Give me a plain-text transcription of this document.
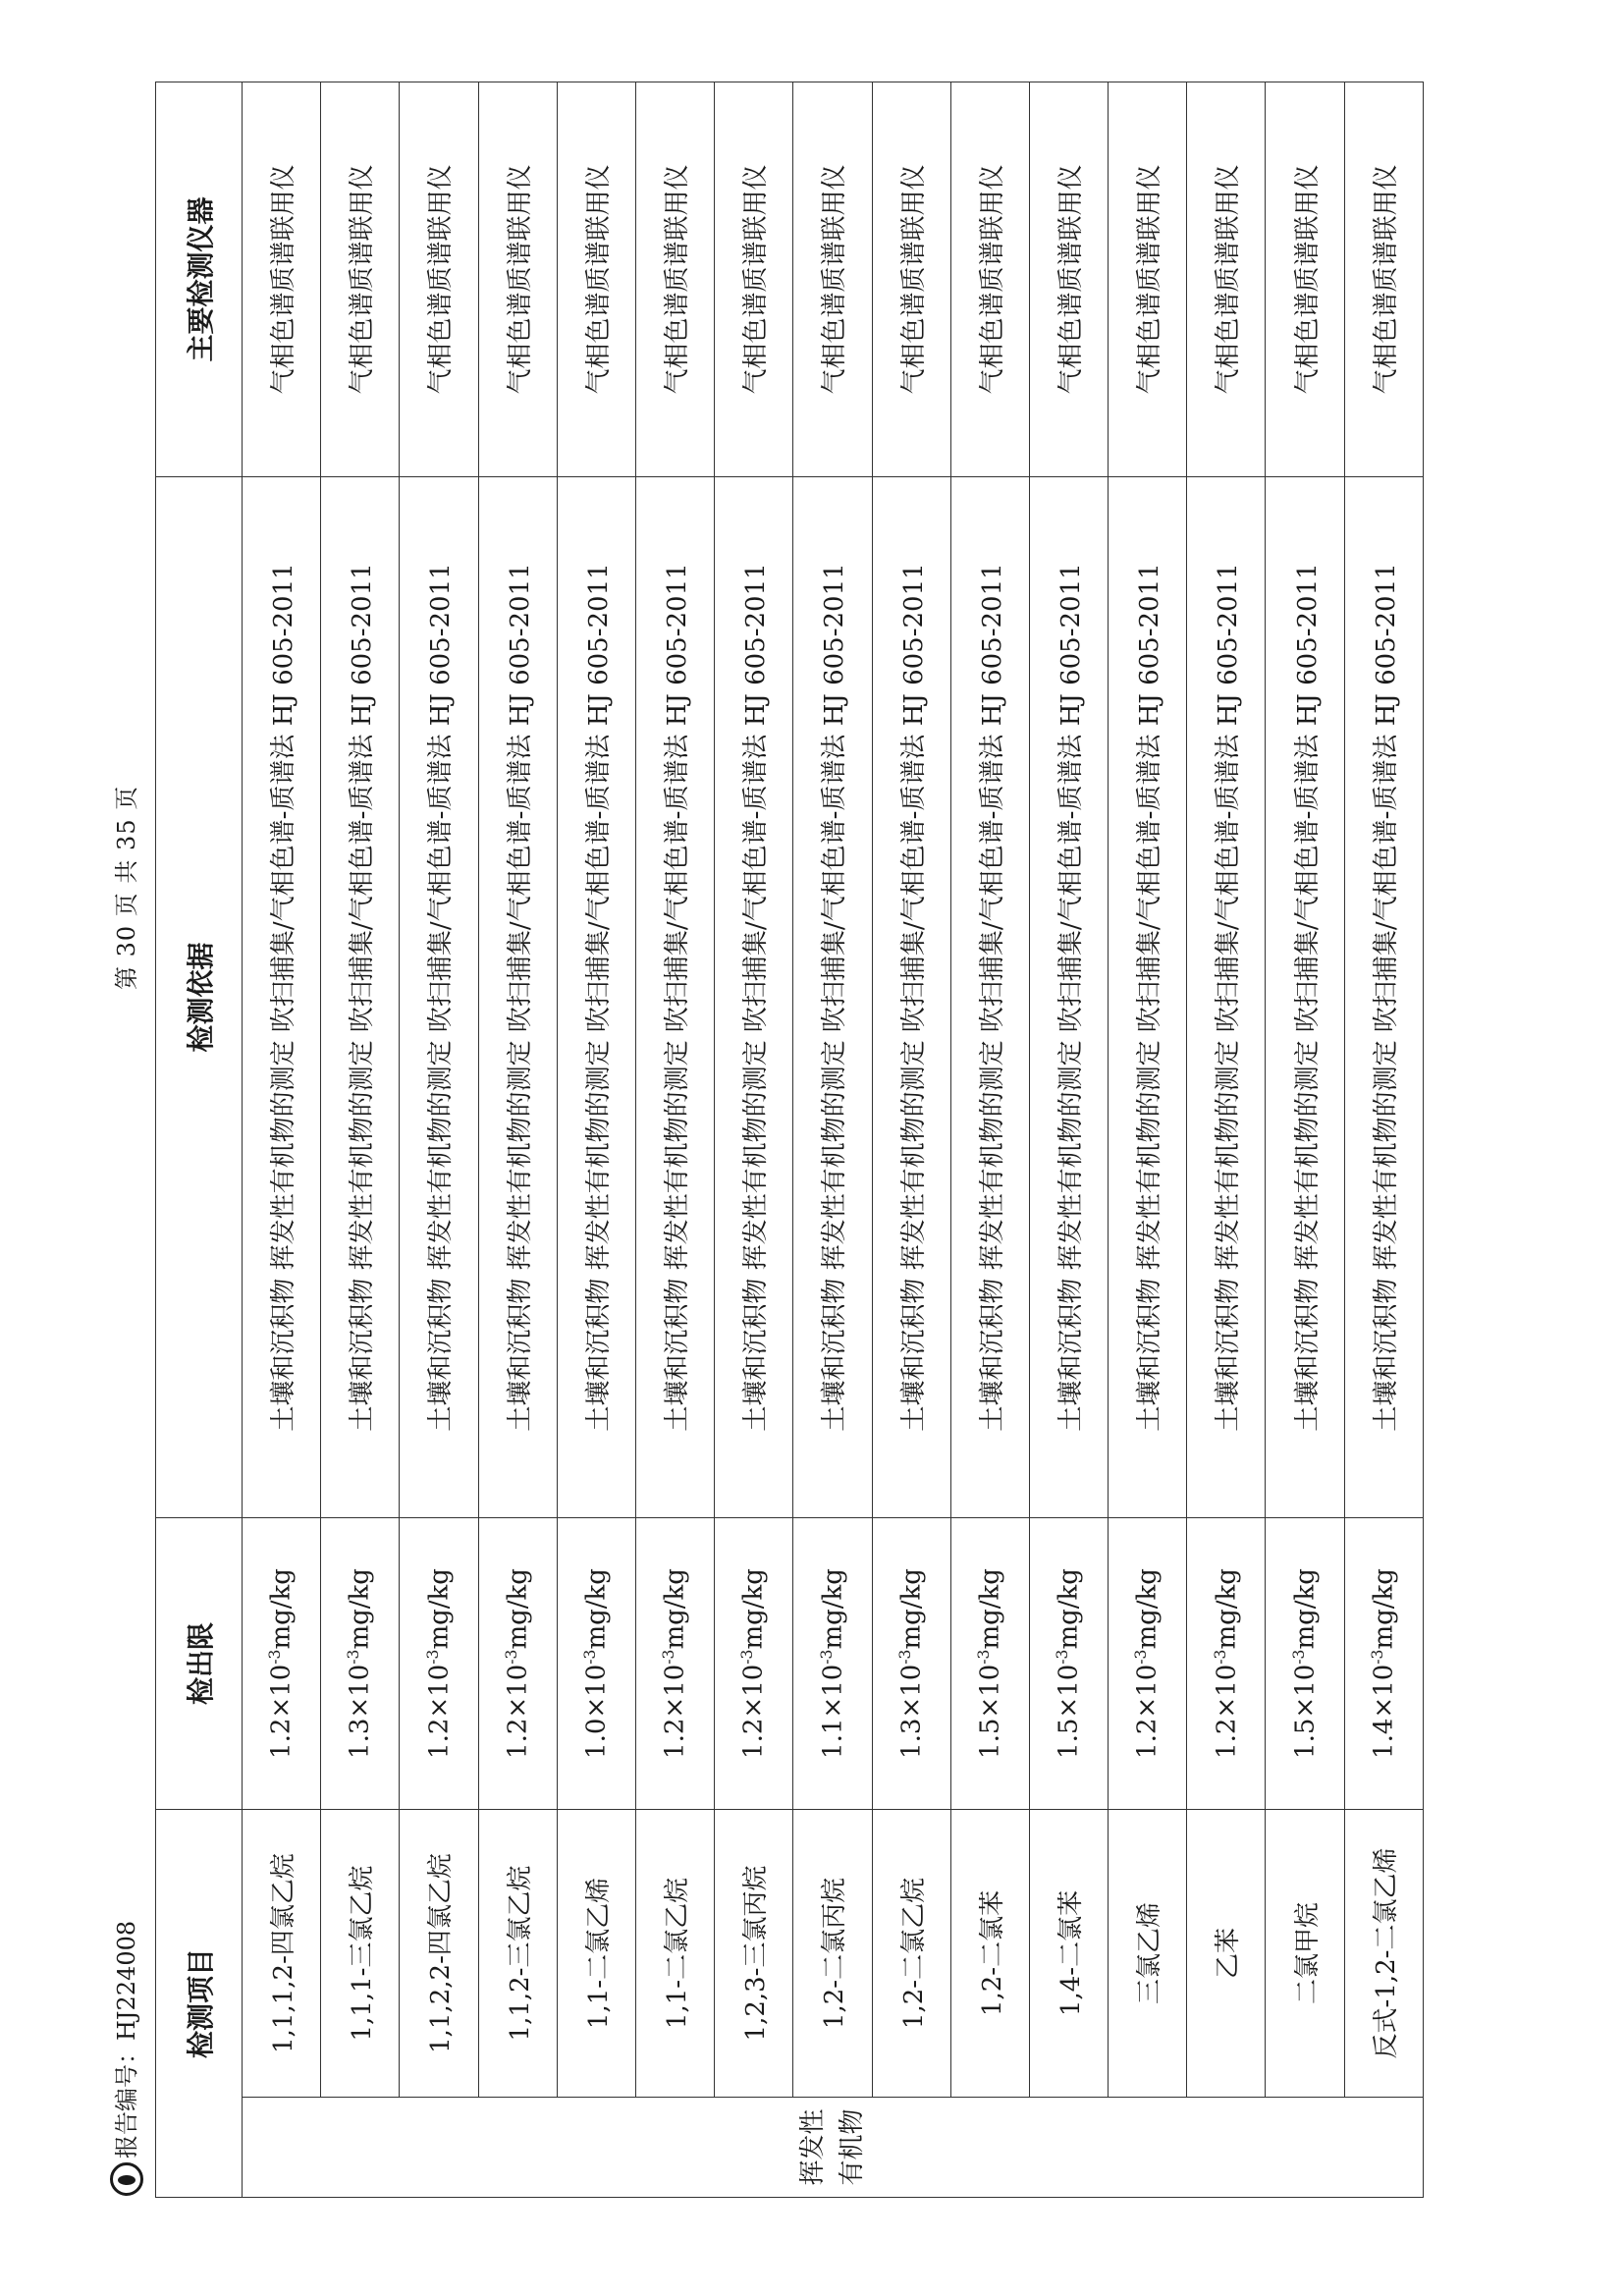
报告编号：HJ224008
第 30 页 共 35 页
检测项目		检出限	检测依据	主要检测仪器
挥发性有机物	1,1,1,2-四氯乙烷	$1.2\times 10^{-3}mg/kg$	土壤和沉积物 挥发性有机物的测定 吹扫捕集/气相色谱-质谱法 HJ 605-2011	气相色谱质谱联用仪
	1,1,1-三氯乙烷	$1.3\times 10^{-3}mg/kg$	土壤和沉积物 挥发性有机物的测定 吹扫捕集/气相色谱-质谱法 HJ 605-2011	气相色谱质谱联用仪
	1,1,2,2-四氯乙烷	$1.2\times 10^{-3}mg/kg$	土壤和沉积物 挥发性有机物的测定 吹扫捕集/气相色谱-质谱法 HJ 605-2011	气相色谱质谱联用仪
	1,1,2-三氯乙烷	$1.2\times 10^{-3}mg/kg$	土壤和沉积物 挥发性有机物的测定 吹扫捕集/气相色谱-质谱法 HJ 605-2011	气相色谱质谱联用仪
	1,1-二氯乙烯	$1.0\times 10^{-3}mg/kg$	土壤和沉积物 挥发性有机物的测定 吹扫捕集/气相色谱-质谱法 HJ 605-2011	气相色谱质谱联用仪
	1,1-二氯乙烷	$1.2\times 10^{-3}mg/kg$	土壤和沉积物 挥发性有机物的测定 吹扫捕集/气相色谱-质谱法 HJ 605-2011	气相色谱质谱联用仪
	1,2,3-三氯丙烷	$1.2\times 10^{-3}mg/kg$	土壤和沉积物 挥发性有机物的测定 吹扫捕集/气相色谱-质谱法 HJ 605-2011	气相色谱质谱联用仪
	1,2-二氯丙烷	$1.1\times 10^{-3}mg/kg$	土壤和沉积物 挥发性有机物的测定 吹扫捕集/气相色谱-质谱法 HJ 605-2011	气相色谱质谱联用仪
	1,2-二氯乙烷	$1.3\times 10^{-3}mg/kg$	土壤和沉积物 挥发性有机物的测定 吹扫捕集/气相色谱-质谱法 HJ 605-2011	气相色谱质谱联用仪
	1,2-二氯苯	$1.5\times 10^{-3}mg/kg$	土壤和沉积物 挥发性有机物的测定 吹扫捕集/气相色谱-质谱法 HJ 605-2011	气相色谱质谱联用仪
	1,4-二氯苯	$1.5\times 10^{-3}mg/kg$	土壤和沉积物 挥发性有机物的测定 吹扫捕集/气相色谱-质谱法 HJ 605-2011	气相色谱质谱联用仪
	三氯乙烯	$1.2\times 10^{-3}mg/kg$	土壤和沉积物 挥发性有机物的测定 吹扫捕集/气相色谱-质谱法 HJ 605-2011	气相色谱质谱联用仪
	乙苯	$1.2\times 10^{-3}mg/kg$	土壤和沉积物 挥发性有机物的测定 吹扫捕集/气相色谱-质谱法 HJ 605-2011	气相色谱质谱联用仪
	二氯甲烷	$1.5\times 10^{-3}mg/kg$	土壤和沉积物 挥发性有机物的测定 吹扫捕集/气相色谱-质谱法 HJ 605-2011	气相色谱质谱联用仪
	反式-1,2-二氯乙烯	$1.4\times 10^{-3}mg/kg$	土壤和沉积物 挥发性有机物的测定 吹扫捕集/气相色谱-质谱法 HJ 605-2011	气相色谱质谱联用仪
